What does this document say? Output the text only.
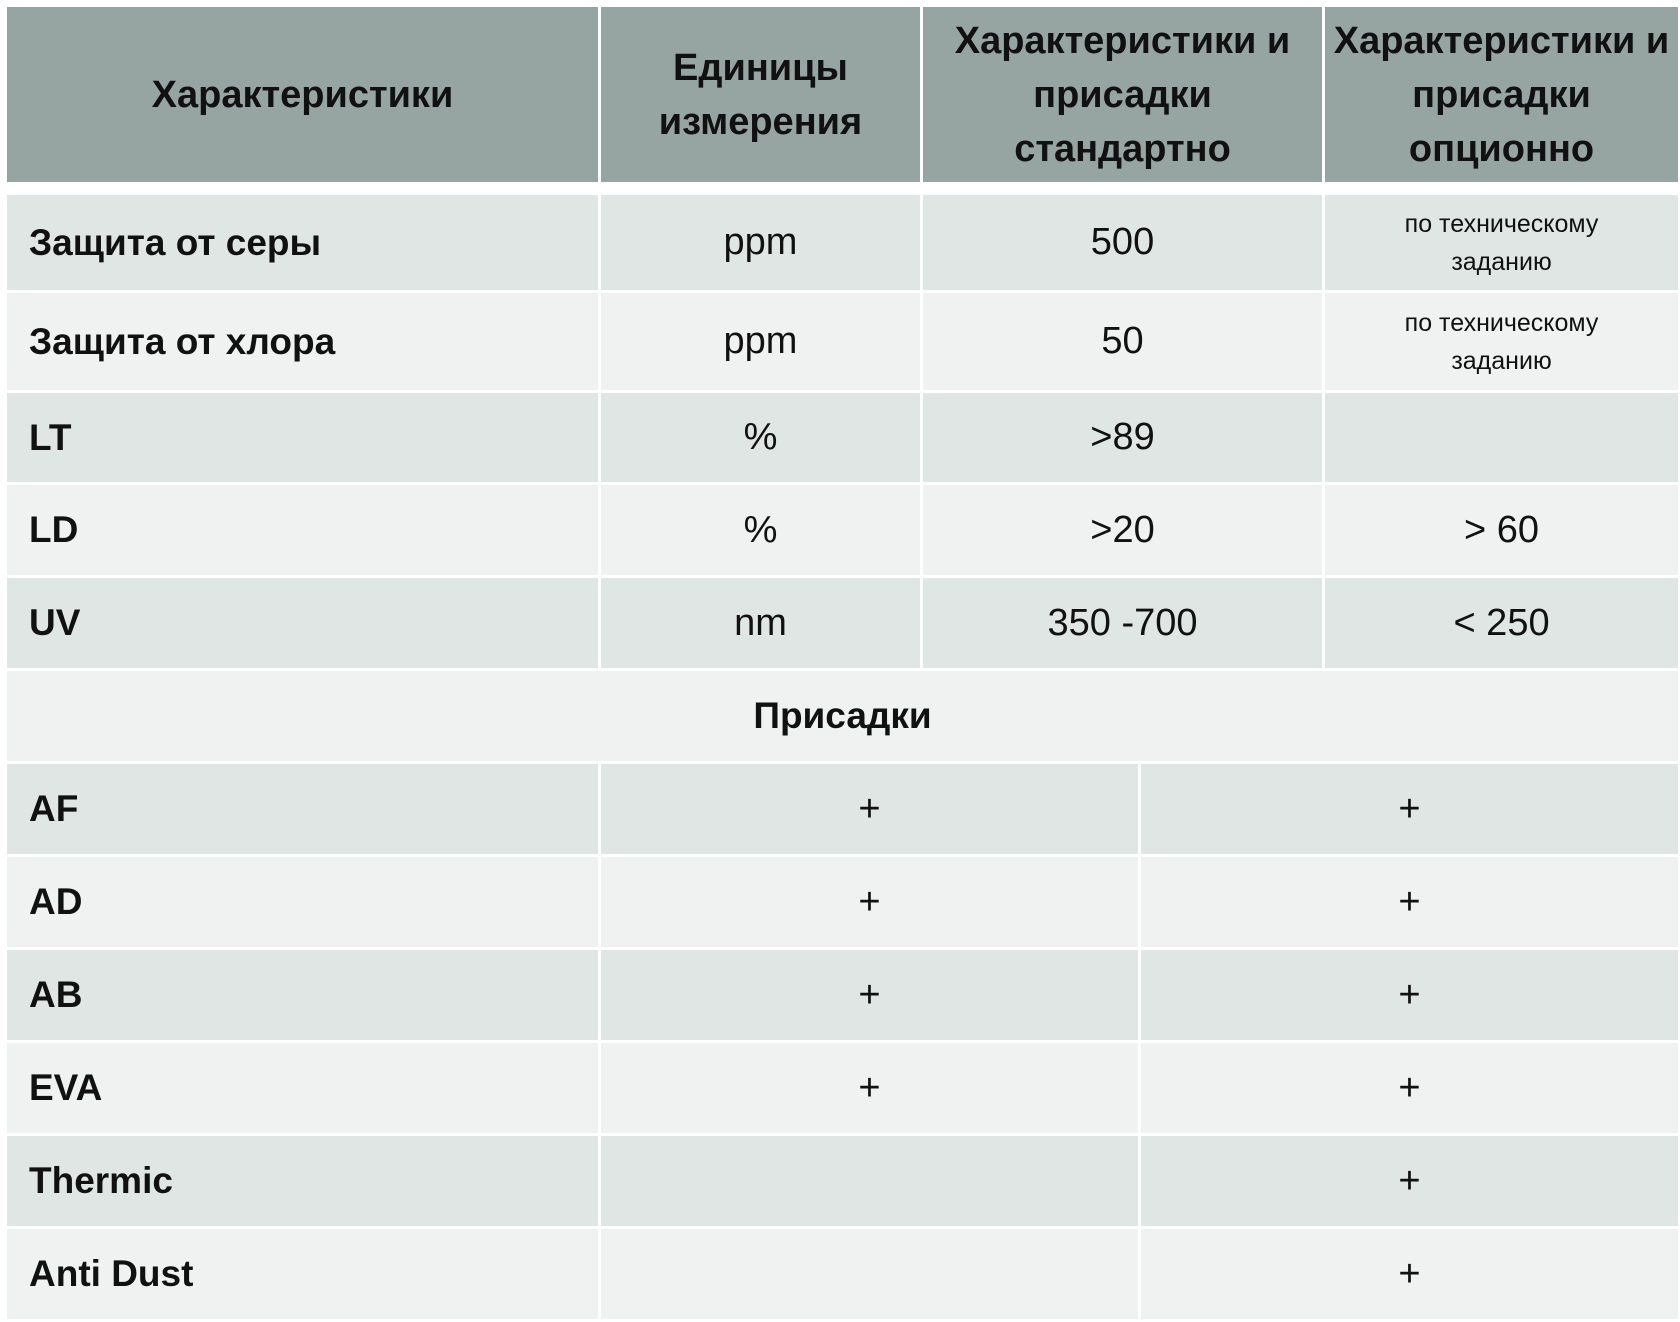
Характеристики	Единицы измерения	Характеристики и присадки стандартно		Характеристики и присадки опционно

Защита от серы	ppm	500		по техническому заданию
Защита от хлора	ppm	50		по техническому заданию
LT	%	>89		
LD	%	>20		> 60
UV	nm	350 -700		< 250
Присадки				
AF	+		+	
AD	+		+	
AB	+		+	
EVA	+		+	
Thermic			+	
Anti Dust			+	
